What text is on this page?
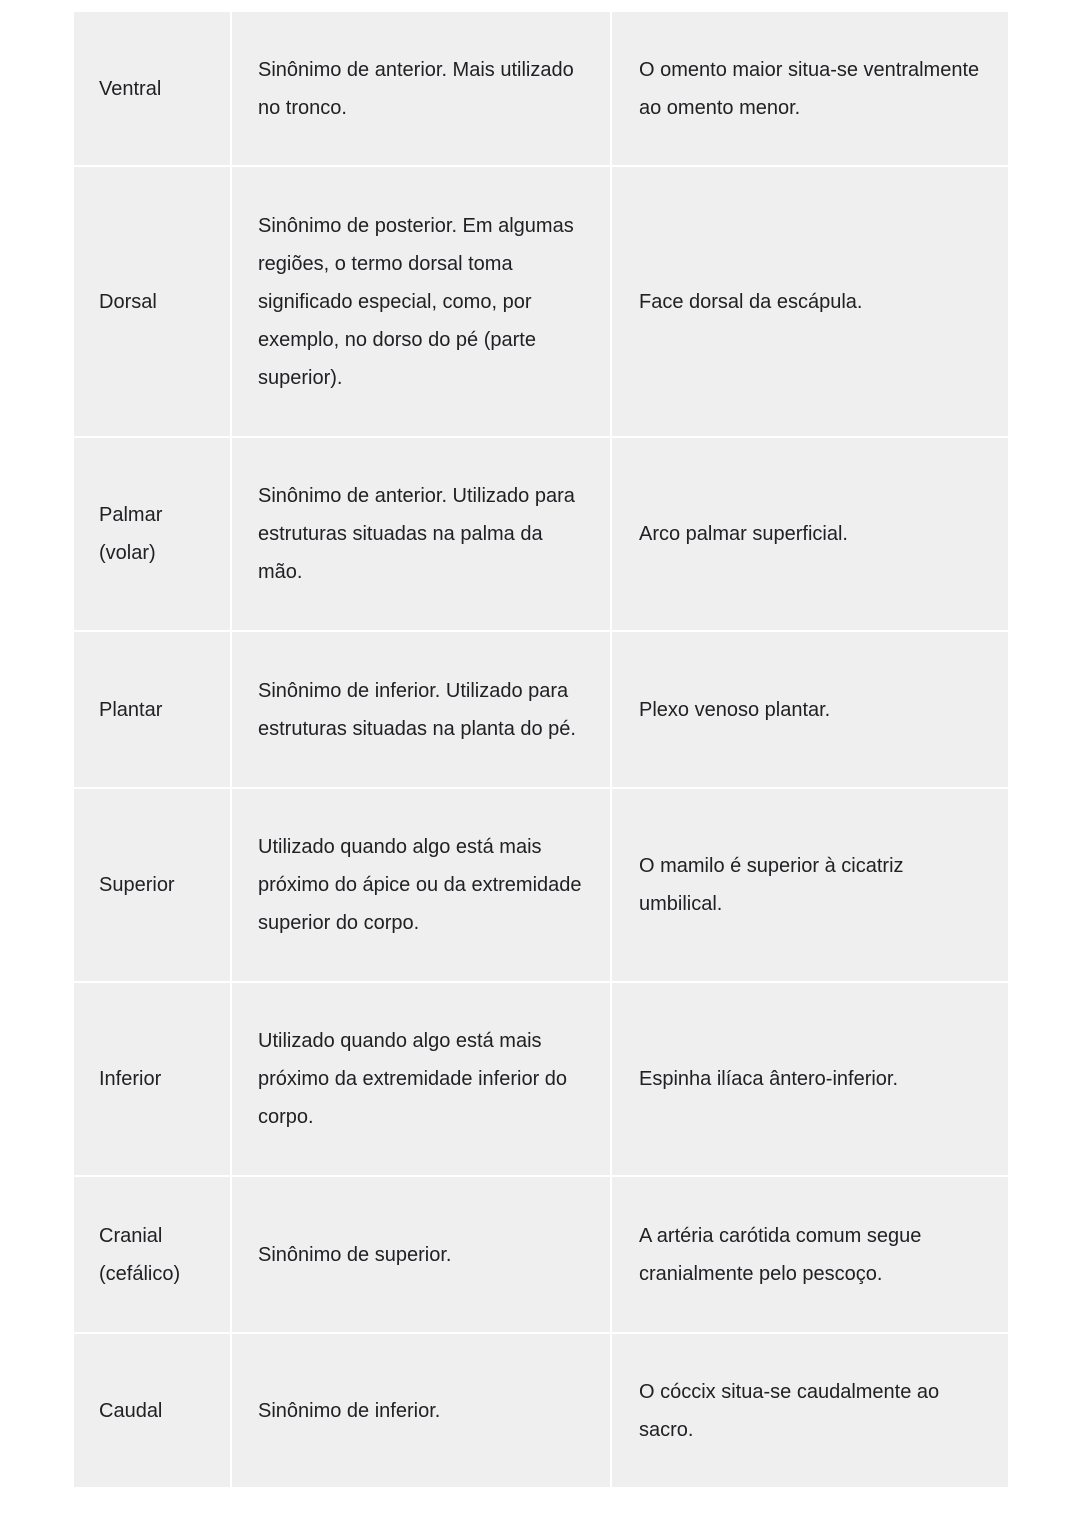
Ventral
Sinônimo de anterior. Mais utilizado no tronco.
O omento maior situa-se ventralmente ao omento menor.
Dorsal
Sinônimo de posterior. Em algumas regiões, o termo dorsal toma significado especial, como, por exemplo, no dorso do pé (parte superior).
Face dorsal da escápula.
Palmar (volar)
Sinônimo de anterior. Utilizado para estruturas situadas na palma da mão.
Arco palmar superficial.
Plantar
Sinônimo de inferior. Utilizado para estruturas situadas na planta do pé.
Plexo venoso plantar.
Superior
Utilizado quando algo está mais próximo do ápice ou da extremidade superior do corpo.
O mamilo é superior à cicatriz umbilical.
Inferior
Utilizado quando algo está mais próximo da extremidade inferior do corpo.
Espinha ilíaca ântero-inferior.
Cranial (cefálico)
Sinônimo de superior.
A artéria carótida comum segue cranialmente pelo pescoço.
Caudal	Sinônimo de inferior.
O cóccix situa-se caudalmente ao sacro.
